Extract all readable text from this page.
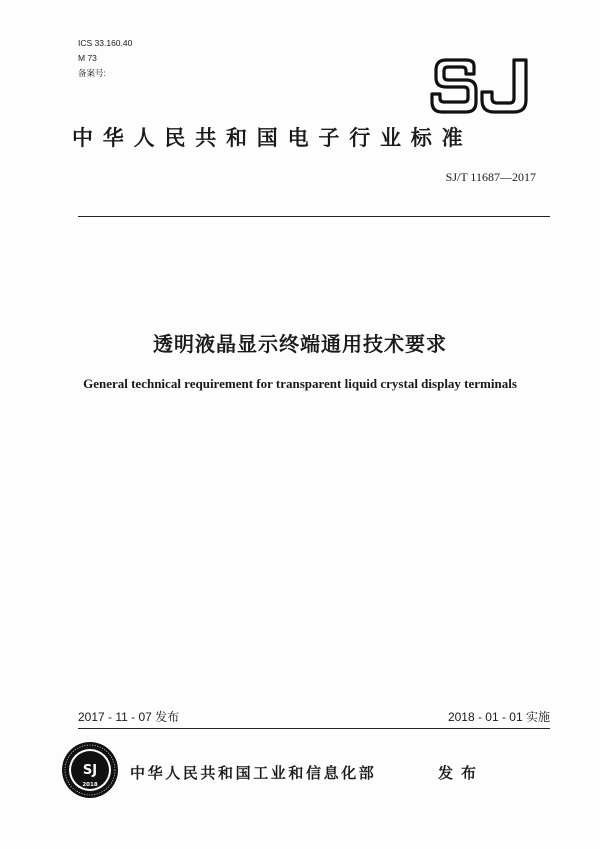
ICS 33.160.40
M 73
备案号:
中华人民共和国电子行业标准
SJ/T 11687—2017
透明液晶显示终端通用技术要求
General technical requirement for transparent liquid crystal display terminals
2017 - 11 - 07 发布	2018 - 01 - 01 实施
SJ
2018
中华人民共和国工业和信息化部	发布
